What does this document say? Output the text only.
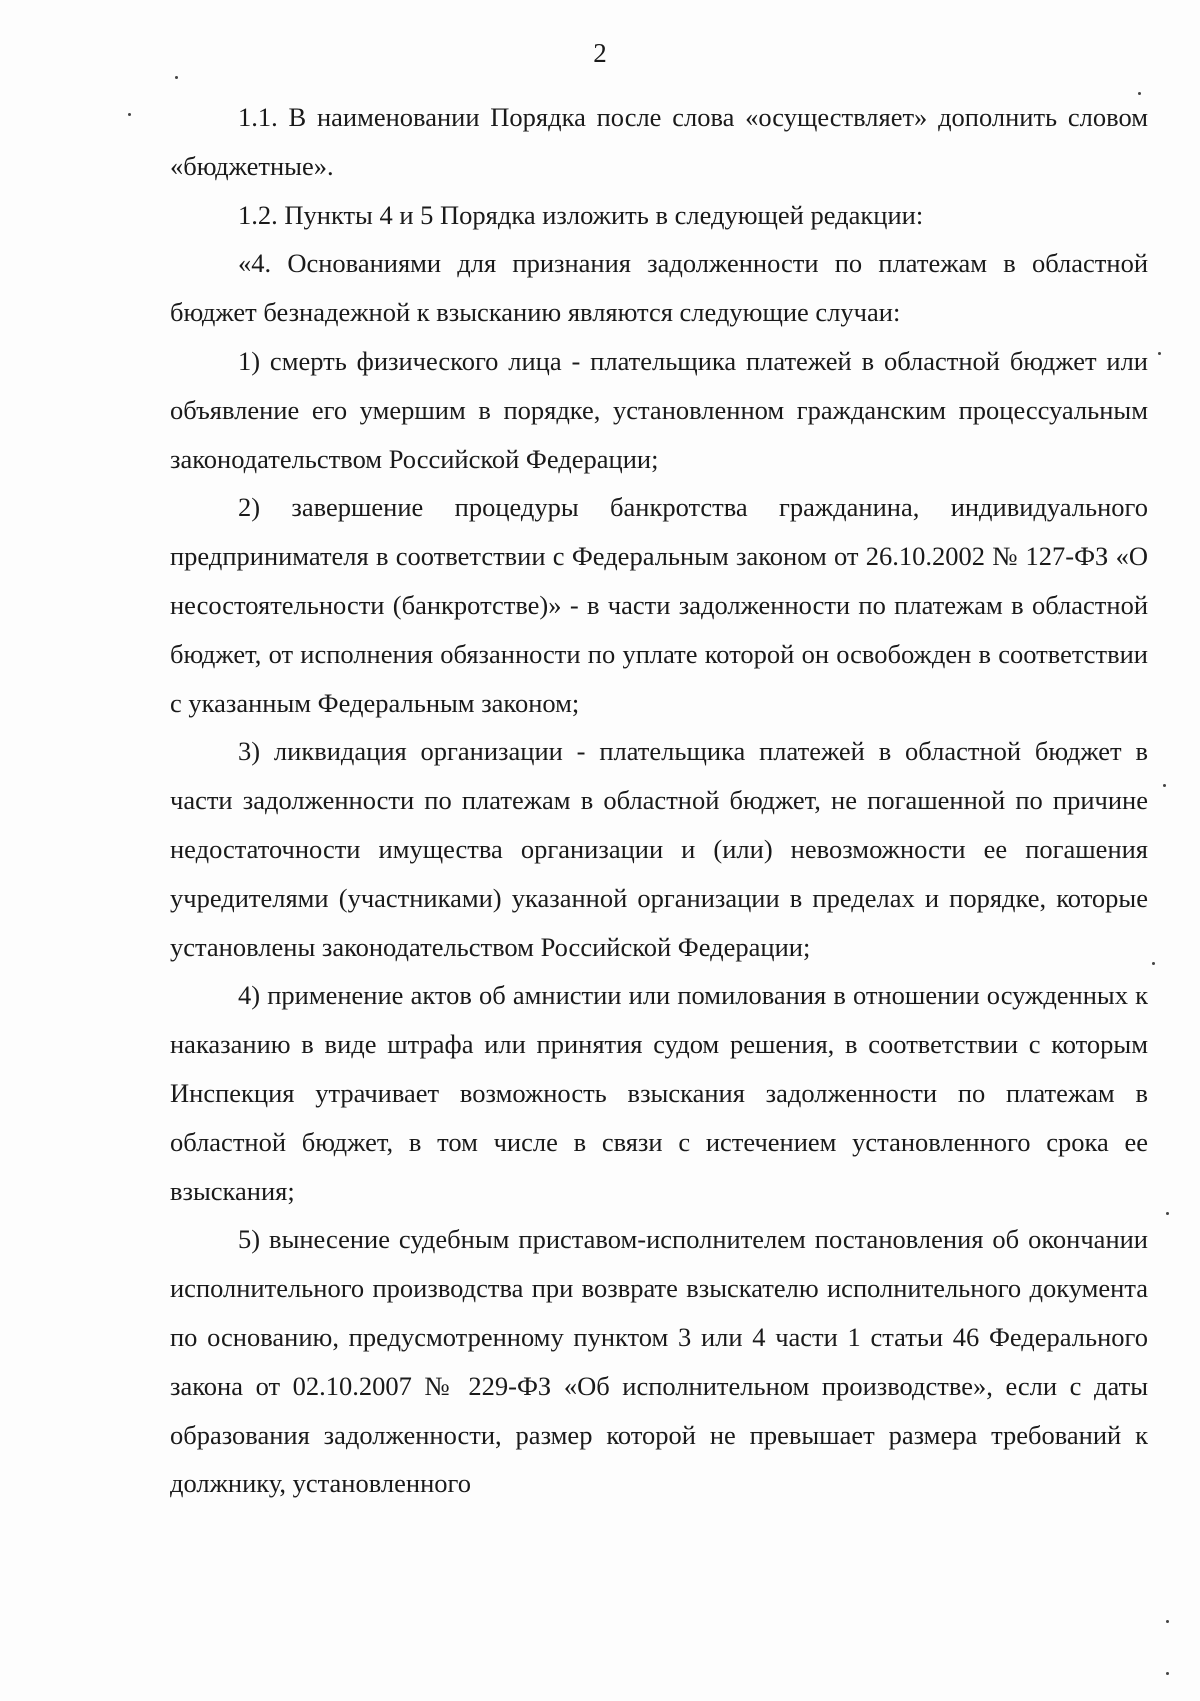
2

1.1. В наименовании Порядка после слова «осуществляет» дополнить словом «бюджетные».

1.2. Пункты 4 и 5 Порядка изложить в следующей редакции:

«4. Основаниями для признания задолженности по платежам в областной бюджет безнадежной к взысканию являются следующие случаи:

1) смерть физического лица - плательщика платежей в областной бюджет или объявление его умершим в порядке, установленном гражданским процессуальным законодательством Российской Федерации;

2) завершение процедуры банкротства гражданина, индивидуального предпринимателя в соответствии с Федеральным законом от 26.10.2002 № 127-ФЗ «О несостоятельности (банкротстве)» - в части задолженности по платежам в областной бюджет, от исполнения обязанности по уплате которой он освобожден в соответствии с указанным Федеральным законом;

3) ликвидация организации - плательщика платежей в областной бюджет в части задолженности по платежам в областной бюджет, не погашенной по причине недостаточности имущества организации и (или) невозможности ее погашения учредителями (участниками) указанной организации в пределах и порядке, которые установлены законодательством Российской Федерации;

4) применение актов об амнистии или помилования в отношении осужденных к наказанию в виде штрафа или принятия судом решения, в соответствии с которым Инспекция утрачивает возможность взыскания задолженности по платежам в областной бюджет, в том числе в связи с истечением установленного срока ее взыскания;

5) вынесение судебным приставом-исполнителем постановления об окончании исполнительного производства при возврате взыскателю исполнительного документа по основанию, предусмотренному пунктом 3 или 4 части 1 статьи 46 Федерального закона от 02.10.2007 № 229-ФЗ «Об исполнительном производстве», если с даты образования задолженности, размер которой не превышает размера требований к должнику, установленного
